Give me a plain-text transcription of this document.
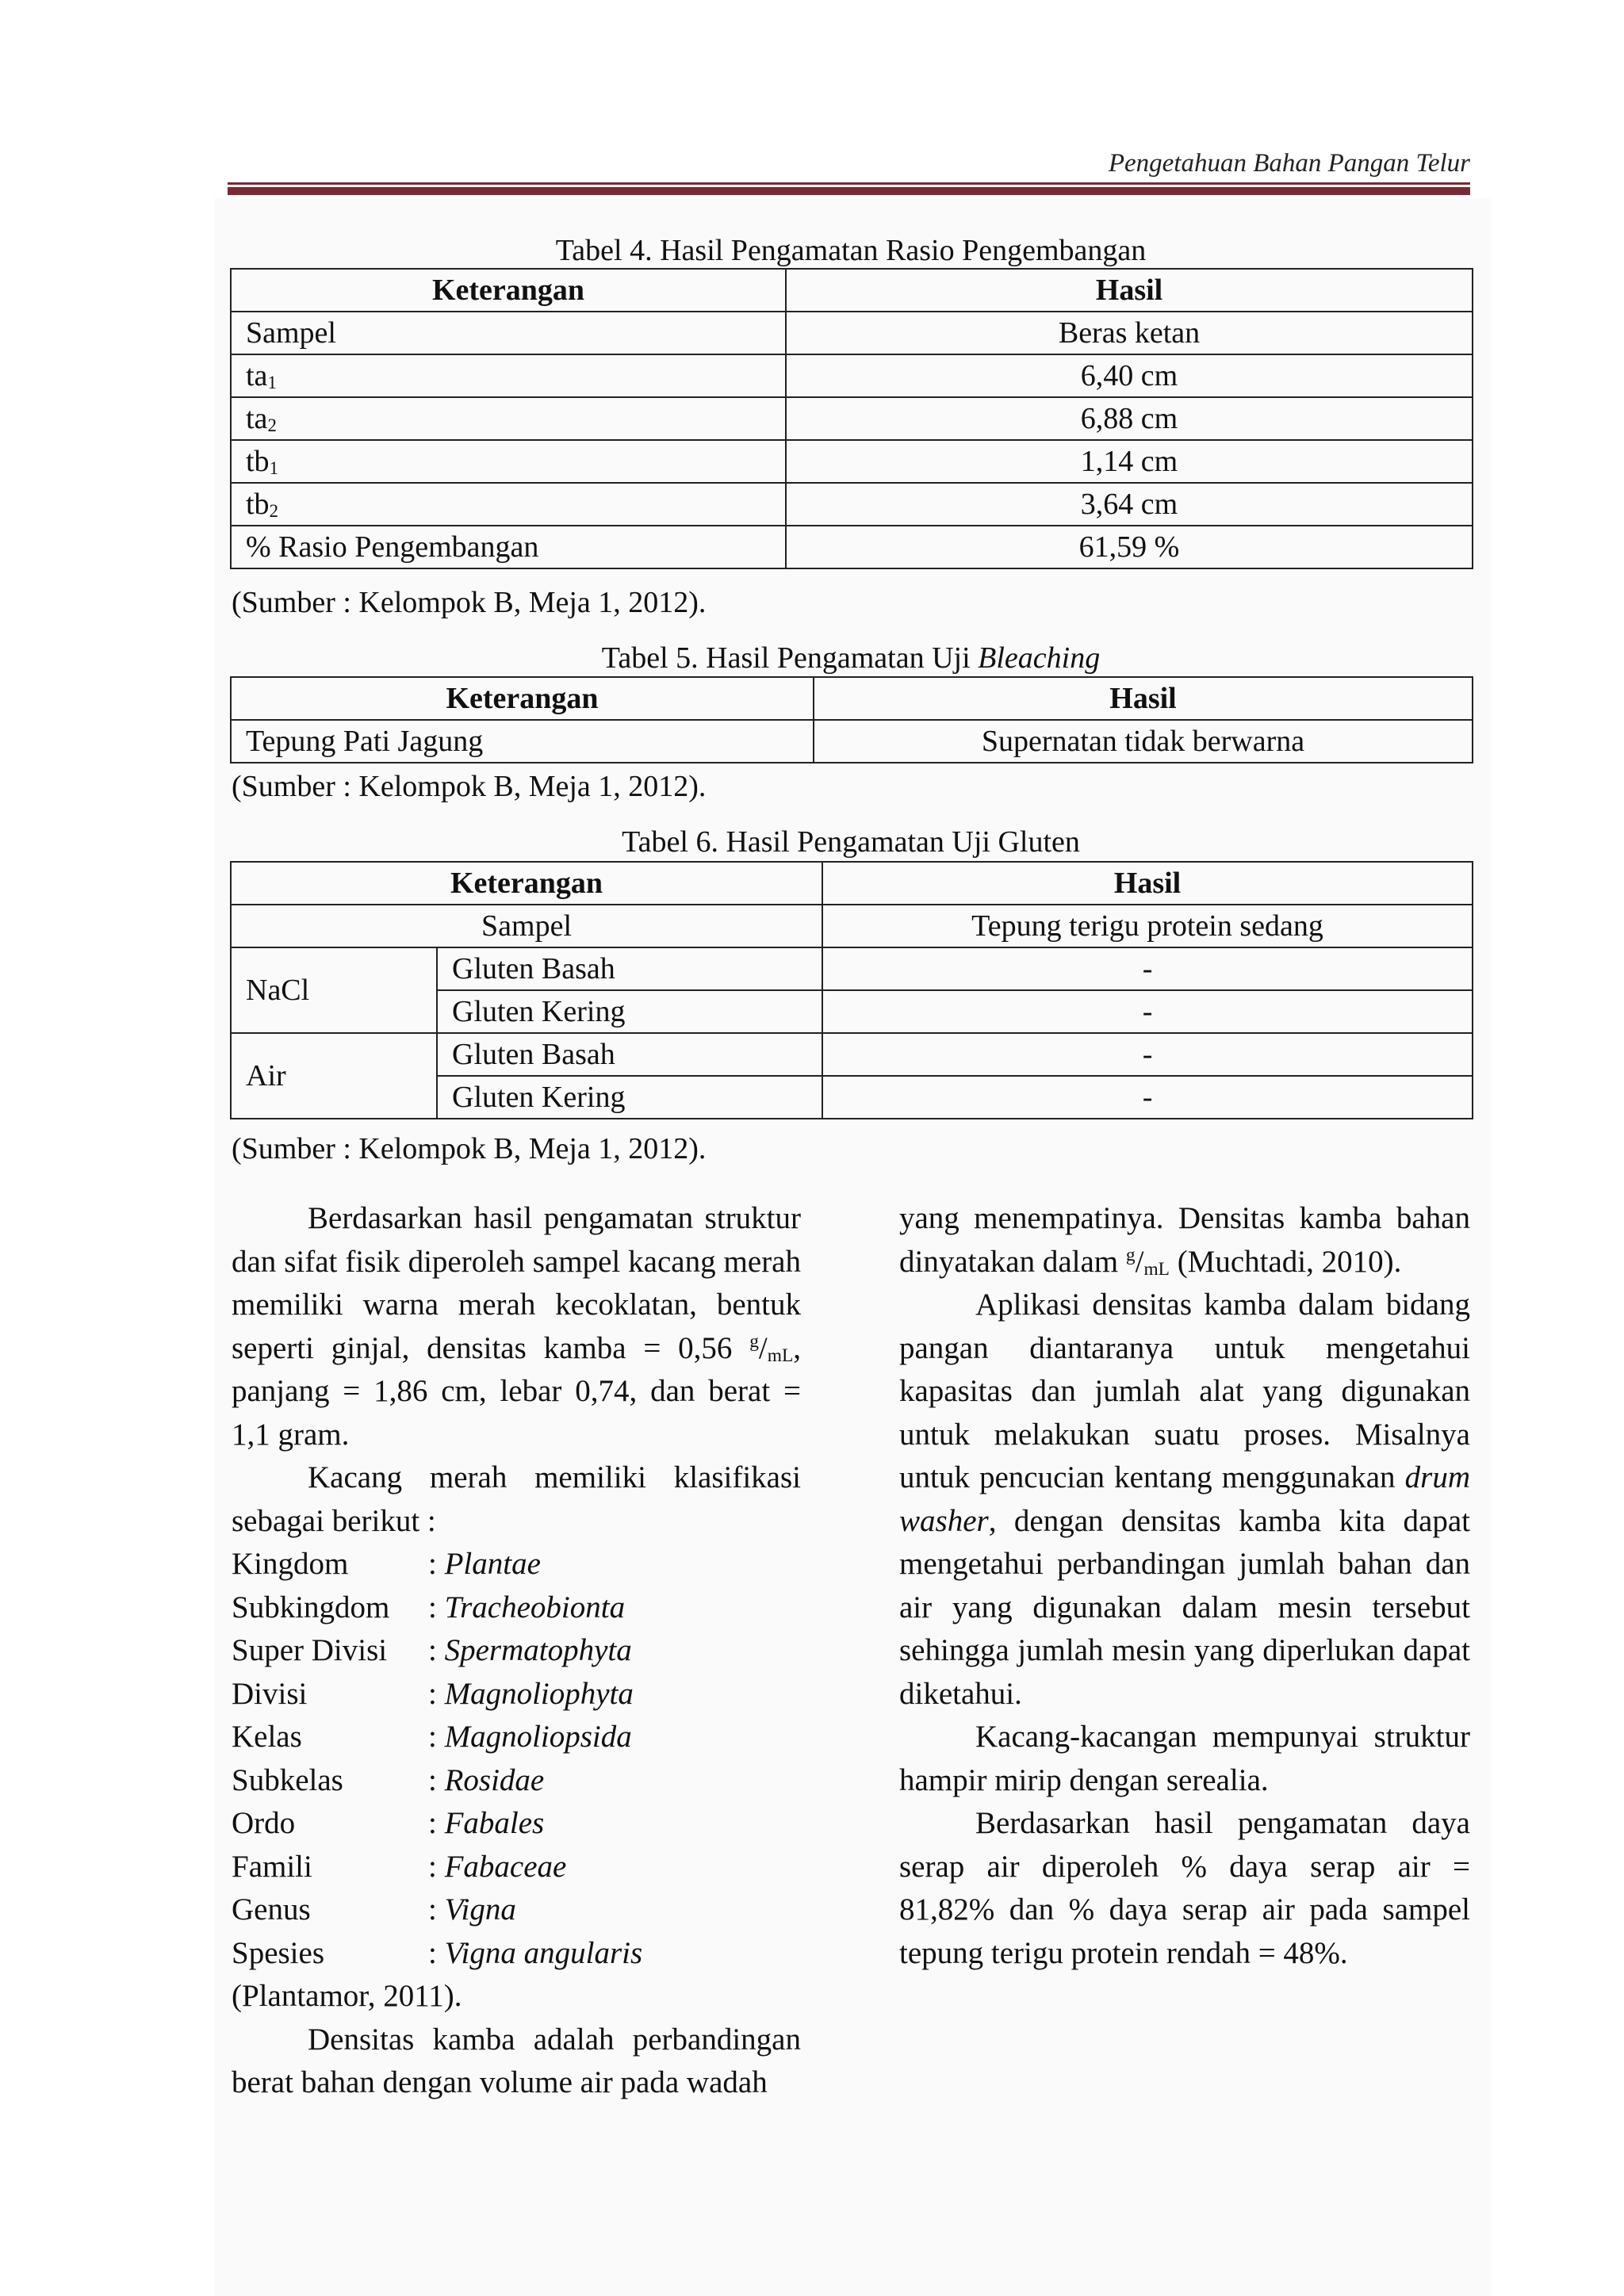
Pengetahuan Bahan Pangan Telur
Tabel 4. Hasil Pengamatan Rasio Pengembangan
Keterangan	Hasil
Sampel	Beras ketan
$ta_1$	6,40 cm
$ta_2$	6,88 cm
$tb_1$	1,14 cm
$tb_2$	3,64 cm
% Rasio Pengembangan	61,59 %
(Sumber : Kelompok B, Meja 1, 2012).
Tabel 5. Hasil Pengamatan Uji Bleaching
Keterangan	Hasil
Tepung Pati Jagung	Supernatan tidak berwarna
(Sumber : Kelompok B, Meja 1, 2012).
Tabel 6. Hasil Pengamatan Uji Gluten
Keterangan		Hasil
Sampel		Tepung terigu protein sedang
NaCl	Gluten Basah	-
	Gluten Kering	-
Air	Gluten Basah	-
	Gluten Kering	-
(Sumber : Kelompok B, Meja 1, 2012).

Berdasarkan hasil pengamatan struktur dan sifat fisik diperoleh sampel kacang merah memiliki warna merah kecoklatan, bentuk seperti ginjal, densitas kamba = 0,56 $^g/_{mL}$, panjang = 1,86 cm, lebar 0,74, dan berat = 1,1 gram.

Kacang merah memiliki klasifikasi sebagai berikut :

Kingdom	: Plantae
Subkingdom	: Tracheobionta
Super Divisi	: Spermatophyta
Divisi	: Magnoliophyta
Kelas	: Magnoliopsida
Subkelas	: Rosidae
Ordo	: Fabales
Famili	: Fabaceae
Genus	: Vigna
Spesies	: Vigna angularis

(Plantamor, 2011).

Densitas kamba adalah perbandingan berat bahan dengan volume air pada wadah

yang menempatinya. Densitas kamba bahan dinyatakan dalam $^g/_{mL}$ (Muchtadi, 2010).

Aplikasi densitas kamba dalam bidang pangan diantaranya untuk mengetahui kapasitas dan jumlah alat yang digunakan untuk melakukan suatu proses. Misalnya untuk pencucian kentang menggunakan drum washer, dengan densitas kamba kita dapat mengetahui perbandingan jumlah bahan dan air yang digunakan dalam mesin tersebut sehingga jumlah mesin yang diperlukan dapat diketahui.

Kacang-kacangan mempunyai struktur hampir mirip dengan serealia.

Berdasarkan hasil pengamatan daya serap air diperoleh % daya serap air = 81,82% dan % daya serap air pada sampel tepung terigu protein rendah = 48%.
